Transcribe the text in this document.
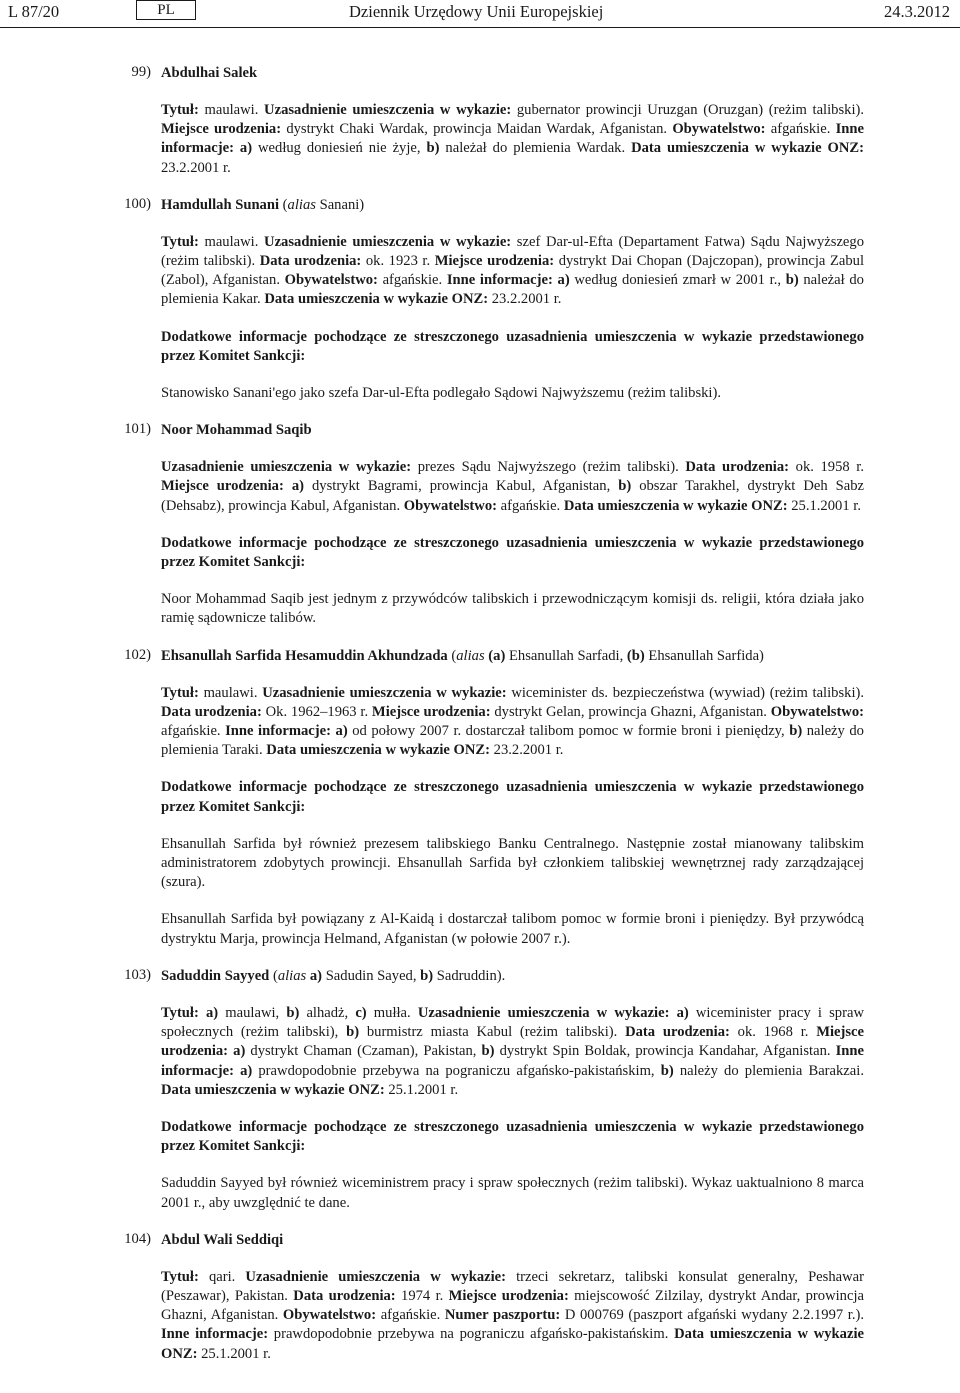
L 87/20	PL	Dziennik Urzędowy Unii Europejskiej	24.3.2012
99) Abdulhai Salek
Tytuł: maulawi. Uzasadnienie umieszczenia w wykazie: gubernator prowincji Uruzgan (Oruzgan) (reżim talibski). Miejsce urodzenia: dystrykt Chaki Wardak, prowincja Maidan Wardak, Afganistan. Obywatelstwo: afgańskie. Inne informacje: a) według doniesień nie żyje, b) należał do plemienia Wardak. Data umieszczenia w wykazie ONZ: 23.2.2001 r.
100) Hamdullah Sunani (alias Sanani)
Tytuł: maulawi. Uzasadnienie umieszczenia w wykazie: szef Dar-ul-Efta (Departament Fatwa) Sądu Najwyższego (reżim talibski). Data urodzenia: ok. 1923 r. Miejsce urodzenia: dystrykt Dai Chopan (Dajczopan), prowincja Zabul (Zabol), Afganistan. Obywatelstwo: afgańskie. Inne informacje: a) według doniesień zmarł w 2001 r., b) należał do plemienia Kakar. Data umieszczenia w wykazie ONZ: 23.2.2001 r.
Dodatkowe informacje pochodzące ze streszczonego uzasadnienia umieszczenia w wykazie przedstawionego przez Komitet Sankcji:
Stanowisko Sanani'ego jako szefa Dar-ul-Efta podlegało Sądowi Najwyższemu (reżim talibski).
101) Noor Mohammad Saqib
Uzasadnienie umieszczenia w wykazie: prezes Sądu Najwyższego (reżim talibski). Data urodzenia: ok. 1958 r. Miejsce urodzenia: a) dystrykt Bagrami, prowincja Kabul, Afganistan, b) obszar Tarakhel, dystrykt Deh Sabz (Dehsabz), prowincja Kabul, Afganistan. Obywatelstwo: afgańskie. Data umieszczenia w wykazie ONZ: 25.1.2001 r.
Dodatkowe informacje pochodzące ze streszczonego uzasadnienia umieszczenia w wykazie przedstawionego przez Komitet Sankcji:
Noor Mohammad Saqib jest jednym z przywódców talibskich i przewodniczącym komisji ds. religii, która działa jako ramię sądownicze talibów.
102) Ehsanullah Sarfida Hesamuddin Akhundzada (alias (a) Ehsanullah Sarfadi, (b) Ehsanullah Sarfida)
Tytuł: maulawi. Uzasadnienie umieszczenia w wykazie: wiceminister ds. bezpieczeństwa (wywiad) (reżim talibski). Data urodzenia: Ok. 1962–1963 r. Miejsce urodzenia: dystrykt Gelan, prowincja Ghazni, Afganistan. Obywatelstwo: afgańskie. Inne informacje: a) od połowy 2007 r. dostarczał talibom pomoc w formie broni i pieniędzy, b) należy do plemienia Taraki. Data umieszczenia w wykazie ONZ: 23.2.2001 r.
Dodatkowe informacje pochodzące ze streszczonego uzasadnienia umieszczenia w wykazie przedstawionego przez Komitet Sankcji:
Ehsanullah Sarfida był również prezesem talibskiego Banku Centralnego. Następnie został mianowany talibskim administratorem zdobytych prowincji. Ehsanullah Sarfida był członkiem talibskiej wewnętrznej rady zarządzającej (szura).
Ehsanullah Sarfida był powiązany z Al-Kaidą i dostarczał talibom pomoc w formie broni i pieniędzy. Był przywódcą dystryktu Marja, prowincja Helmand, Afganistan (w połowie 2007 r.).
103) Saduddin Sayyed (alias a) Sadudin Sayed, b) Sadruddin).
Tytuł: a) maulawi, b) alhadż, c) mułła. Uzasadnienie umieszczenia w wykazie: a) wiceminister pracy i spraw społecznych (reżim talibski), b) burmistrz miasta Kabul (reżim talibski). Data urodzenia: ok. 1968 r. Miejsce urodzenia: a) dystrykt Chaman (Czaman), Pakistan, b) dystrykt Spin Boldak, prowincja Kandahar, Afganistan. Inne informacje: a) prawdopodobnie przebywa na pograniczu afgańsko-pakistańskim, b) należy do plemienia Barakzai. Data umieszczenia w wykazie ONZ: 25.1.2001 r.
Dodatkowe informacje pochodzące ze streszczonego uzasadnienia umieszczenia w wykazie przedstawionego przez Komitet Sankcji:
Saduddin Sayyed był również wiceministrem pracy i spraw społecznych (reżim talibski). Wykaz uaktualniono 8 marca 2001 r., aby uwzględnić te dane.
104) Abdul Wali Seddiqi
Tytuł: qari. Uzasadnienie umieszczenia w wykazie: trzeci sekretarz, talibski konsulat generalny, Peshawar (Peszawar), Pakistan. Data urodzenia: 1974 r. Miejsce urodzenia: miejscowość Zilzilay, dystrykt Andar, prowincja Ghazni, Afganistan. Obywatelstwo: afgańskie. Numer paszportu: D 000769 (paszport afgański wydany 2.2.1997 r.). Inne informacje: prawdopodobnie przebywa na pograniczu afgańsko-pakistańskim. Data umieszczenia w wykazie ONZ: 25.1.2001 r.
